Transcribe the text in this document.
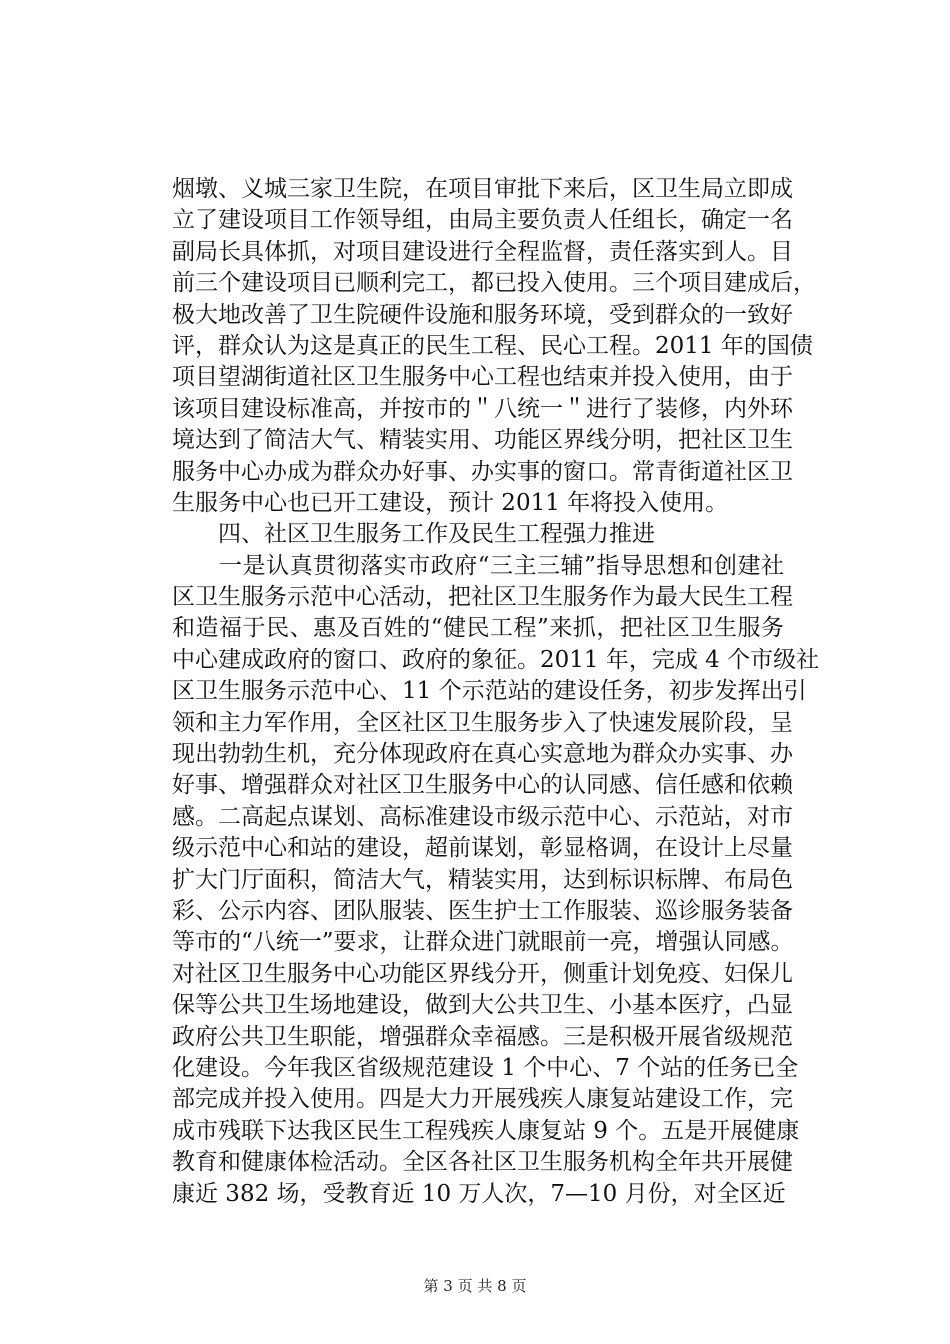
烟墩、义城三家卫生院，在项目审批下来后，区卫生局立即成
立了建设项目工作领导组，由局主要负责人任组长，确定一名
副局长具体抓，对项目建设进行全程监督，责任落实到人。目
前三个建设项目已顺利完工，都已投入使用。三个项目建成后，
极大地改善了卫生院硬件设施和服务环境，受到群众的一致好
评，群众认为这是真正的民生工程、民心工程。2011 年的国债
项目望湖街道社区卫生服务中心工程也结束并投入使用，由于
该项目建设标准高，并按市的＂八统一＂进行了装修，内外环
境达到了简洁大气、精装实用、功能区界线分明，把社区卫生
服务中心办成为群众办好事、办实事的窗口。常青街道社区卫
生服务中心也已开工建设，预计 2011 年将投入使用。
　　四、社区卫生服务工作及民生工程强力推进
　　一是认真贯彻落实市政府“三主三辅”指导思想和创建社
区卫生服务示范中心活动，把社区卫生服务作为最大民生工程
和造福于民、惠及百姓的“健民工程”来抓，把社区卫生服务
中心建成政府的窗口、政府的象征。2011 年，完成 4 个市级社
区卫生服务示范中心、11 个示范站的建设任务，初步发挥出引
领和主力军作用，全区社区卫生服务步入了快速发展阶段，呈
现出勃勃生机，充分体现政府在真心实意地为群众办实事、办
好事、增强群众对社区卫生服务中心的认同感、信任感和依赖
感。二高起点谋划、高标准建设市级示范中心、示范站，对市
级示范中心和站的建设，超前谋划，彰显格调，在设计上尽量
扩大门厅面积，简洁大气，精装实用，达到标识标牌、布局色
彩、公示内容、团队服装、医生护士工作服装、巡诊服务装备
等市的“八统一”要求，让群众进门就眼前一亮，增强认同感。
对社区卫生服务中心功能区界线分开，侧重计划免疫、妇保儿
保等公共卫生场地建设，做到大公共卫生、小基本医疗，凸显
政府公共卫生职能，增强群众幸福感。三是积极开展省级规范
化建设。今年我区省级规范建设 1 个中心、7 个站的任务已全
部完成并投入使用。四是大力开展残疾人康复站建设工作，完
成市残联下达我区民生工程残疾人康复站 9 个。五是开展健康
教育和健康体检活动。全区各社区卫生服务机构全年共开展健
康近 382 场，受教育近 10 万人次，7—10 月份，对全区近
第 3 页 共 8 页
